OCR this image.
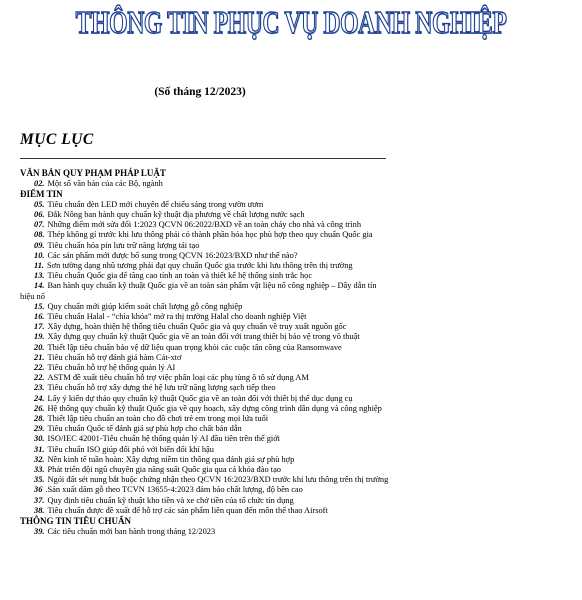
THÔNG TIN PHỤC VỤ DOANH NGHIỆP
(Số tháng 12/2023)
MỤC LỤC
VĂN BẢN QUY PHẠM PHÁP LUẬT
02. Một số văn bản của các Bộ, ngành
ĐIỂM TIN
05. Tiêu chuẩn đèn LED mới chuyên để chiếu sáng trong vườn ươm
06. Đắk Nông ban hành quy chuẩn kỹ thuật địa phương về chất lượng nước sạch
07. Những điểm mới sửa đổi 1:2023 QCVN 06:2022/BXD về an toàn cháy cho nhà và công trình
08. Thép không gỉ trước khi lưu thông phải có thành phần hóa học phù hợp theo quy chuẩn Quốc gia
09. Tiêu chuẩn hóa pin lưu trữ năng lượng tái tạo
10. Các sản phẩm mới được bổ sung trong QCVN 16:2023/BXD như thế nào?
11. Sơn tường dạng nhũ tương phải đạt quy chuẩn Quốc gia trước khi lưu thông trên thị trường
13. Tiêu chuẩn Quốc gia để tăng cao tính an toàn và thiết kế hệ thống sinh trắc học
14. Ban hành quy chuẩn kỹ thuật Quốc gia về an toàn sản phẩm vật liệu nổ công nghiệp – Dây dẫn tín hiệu nổ
15. Quy chuẩn mới giúp kiểm soát chất lượng gỗ công nghiệp
16. Tiêu chuẩn Halal - “chìa khóa” mở ra thị trường Halal cho doanh nghiệp Việt
17. Xây dựng, hoàn thiện hệ thống tiêu chuẩn Quốc gia và quy chuẩn về truy xuất nguồn gốc
19. Xây dựng quy chuẩn kỹ thuật Quốc gia về an toàn đối với trang thiết bị bảo vệ trong võ thuật
20. Thiết lập tiêu chuẩn bảo vệ dữ liệu quan trọng khỏi các cuộc tấn công của Ransomwave
21. Tiêu chuẩn hỗ trợ đánh giá hàm Cát-xtơ
22. Tiêu chuẩn hỗ trợ hệ thống quản lý AI
22. ASTM đề xuất tiêu chuẩn hỗ trợ việc phân loại các phụ tùng ô tô sử dụng AM
23. Tiêu chuẩn hỗ trợ xây dựng thẻ hệ lưu trữ năng lượng sạch tiếp theo
24. Lấy ý kiến dự thảo quy chuẩn kỹ thuật Quốc gia về an toàn đối với thiết bị thể dục dụng cụ
26. Hệ thống quy chuẩn kỹ thuật Quốc gia về quy hoạch, xây dựng công trình dân dụng và công nghiệp
28. Thiết lập tiêu chuẩn an toàn cho đồ chơi trẻ em trong mọi lứa tuổi
29. Tiêu chuẩn Quốc tế đánh giá sự phù hợp cho chất bán dẫn
30. ISO/IEC 42001-Tiêu chuẩn hệ thống quản lý AI đầu tiên trên thế giới
31. Tiêu chuẩn ISO giúp đối phó với biến đổi khí hậu
32. Nền kinh tế tuần hoàn: Xây dựng niềm tin thông qua đánh giá sự phù hợp
33. Phát triển đội ngũ chuyên gia năng suất Quốc gia qua cá khóa đào tạo
35. Ngói đất sét nung bắt buộc chứng nhận theo QCVN 16:2023/BXD trước khi lưu thông trên thị trường
36 .Sản xuất dăm gỗ theo TCVN 13655-4:2023 đảm bảo chất lượng, độ bền cao
37. Quy định tiêu chuẩn kỹ thuật kho tiền và xe chở tiền của tổ chức tín dụng
38. Tiêu chuẩn được đề xuất để hỗ trợ các sản phẩm liên quan đến môn thể thao Airsoft
THÔNG TIN TIÊU CHUẨN
39. Các tiêu chuẩn mới ban hành trong tháng 12/2023
